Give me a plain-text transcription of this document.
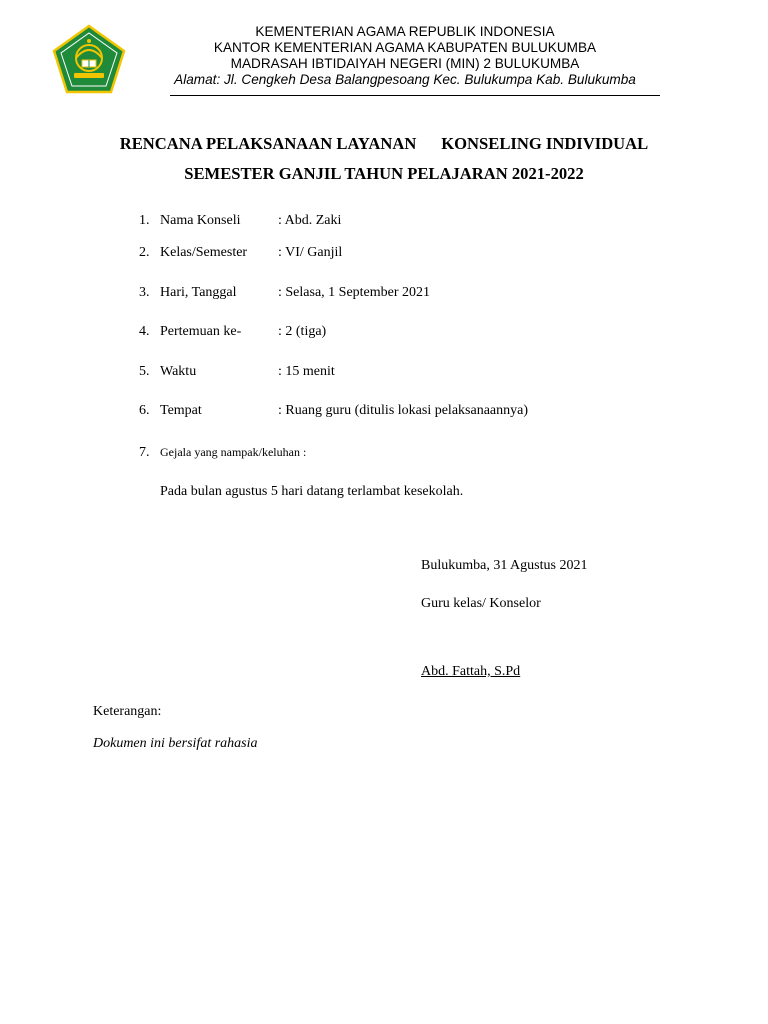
KEMENTERIAN AGAMA REPUBLIK INDONESIA
KANTOR KEMENTERIAN AGAMA KABUPATEN BULUKUMBA
MADRASAH IBTIDAIYAH NEGERI (MIN) 2 BULUKUMBA
Alamat: Jl. Cengkeh Desa Balangpesoang Kec. Bulukumpa Kab. Bulukumba
RENCANA PELAKSANAAN LAYANAN      KONSELING INDIVIDUAL
SEMESTER GANJIL TAHUN PELAJARAN 2021-2022
1. Nama Konseli	: Abd. Zaki
2. Kelas/Semester : VI/ Ganjil
3. Hari, Tanggal	: Selasa, 1 September 2021
4. Pertemuan ke-	: 2 (tiga)
5. Waktu	: 15 menit
6. Tempat	: Ruang guru (ditulis lokasi pelaksanaannya)
7. Gejala yang nampak/keluhan :
Pada bulan agustus 5 hari datang terlambat kesekolah.
Bulukumba, 31 Agustus 2021
Guru kelas/ Konselor
Abd. Fattah, S.Pd
Keterangan:
Dokumen ini bersifat rahasia
